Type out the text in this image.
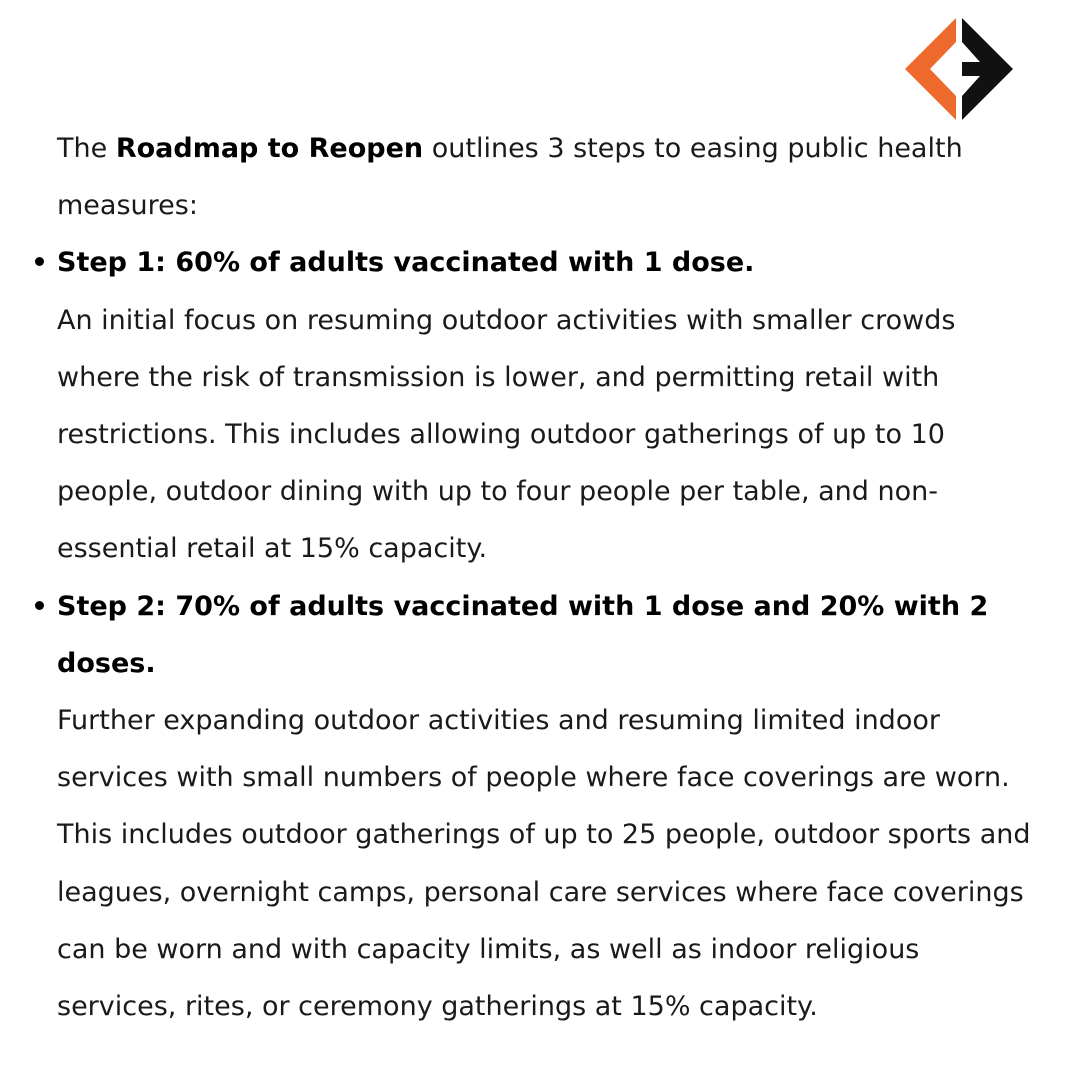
The Roadmap to Reopen outlines 3 steps to easing public health measures:

Step 1: 60% of adults vaccinated with 1 dose.
An initial focus on resuming outdoor activities with smaller crowds where the risk of transmission is lower, and permitting retail with restrictions. This includes allowing outdoor gatherings of up to 10 people, outdoor dining with up to four people per table, and non-essential retail at 15% capacity.
Step 2: 70% of adults vaccinated with 1 dose and 20% with 2 doses.
Further expanding outdoor activities and resuming limited indoor services with small numbers of people where face coverings are worn. This includes outdoor gatherings of up to 25 people, outdoor sports and leagues, overnight camps, personal care services where face coverings can be worn and with capacity limits, as well as indoor religious services, rites, or ceremony gatherings at 15% capacity.
